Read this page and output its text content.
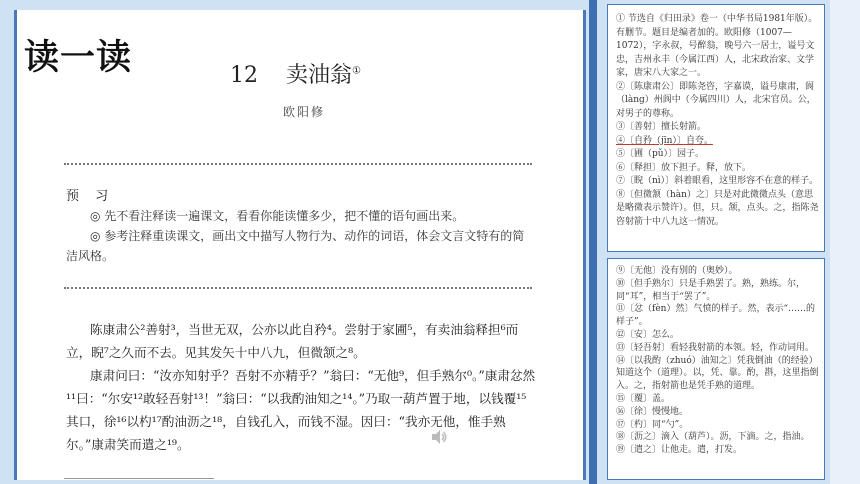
读一读	12 卖油翁①
欧阳修
预 习

◎ 先不看注释读一遍课文，看看你能读懂多少，把不懂的语句画出来。

◎ 参考注释重读课文，画出文中描写人物行为、动作的词语，体会文言文特有的简洁风格。

陈康肃公²善射³，当世无双，公亦以此自矜⁴。尝射于家圃⁵，有卖油翁释担⁶而立，睨⁷之久而不去。见其发矢十中八九，但微颔之⁸。

康肃问曰：“汝亦知射乎？吾射不亦精乎？”翁曰：“无他⁹，但手熟尔⁰。”康肃忿然¹¹曰：“尔安¹²敢轻吾射¹³！”翁曰：“以我酌油知之¹⁴。”乃取一葫芦置于地，以钱覆¹⁵其口，徐¹⁶以杓¹⁷酌油沥之¹⁸，自钱孔入，而钱不湿。因曰：“我亦无他，惟手熟尔。”康肃笑而遣之¹⁹。

① 节选自《归田录》卷一（中华书局1981年版）。有删节。题目是编者加的。欧阳修（1007—1072），字永叔，号醉翁，晚号六一居士，谥号文忠，吉州永丰（今属江西）人，北宋政治家、文学家，唐宋八大家之一。
②〔陈康肃公〕即陈尧咨，字嘉谟，谥号康肃，阆（làng）州阆中（今属四川）人，北宋官员。公，对男子的尊称。
③〔善射〕擅长射箭。
④〔自矜（jīn）〕自夸。
⑤〔圃（pǔ）〕园子。
⑥〔释担〕放下担子。释，放下。
⑦〔睨（nì）〕斜着眼看，这里形容不在意的样子。
⑧〔但微颔（hàn）之〕只是对此微微点头（意思是略微表示赞许）。但，只。颔，点头。之，指陈尧咨射箭十中八九这一情况。
⑨〔无他〕没有别的（奥妙）。
⑩〔但手熟尔〕只是手熟罢了。熟，熟练。尔，同“耳”，相当于“罢了”。
⑪〔忿（fèn）然〕气愤的样子。然，表示“……的样子”。
⑫〔安〕怎么。
⑬〔轻吾射〕看轻我射箭的本领。轻，作动词用。
⑭〔以我酌（zhuó）油知之〕凭我倒油（的经验）知道这个（道理）。以，凭、靠。酌，斟，这里指倒入。之，指射箭也是凭手熟的道理。
⑮〔覆〕盖。
⑯〔徐〕慢慢地。
⑰〔杓〕同“勺”。
⑱〔沥之〕滴入（葫芦）。沥，下滴。之，指油。
⑲〔遣之〕让他走。遣，打发。
